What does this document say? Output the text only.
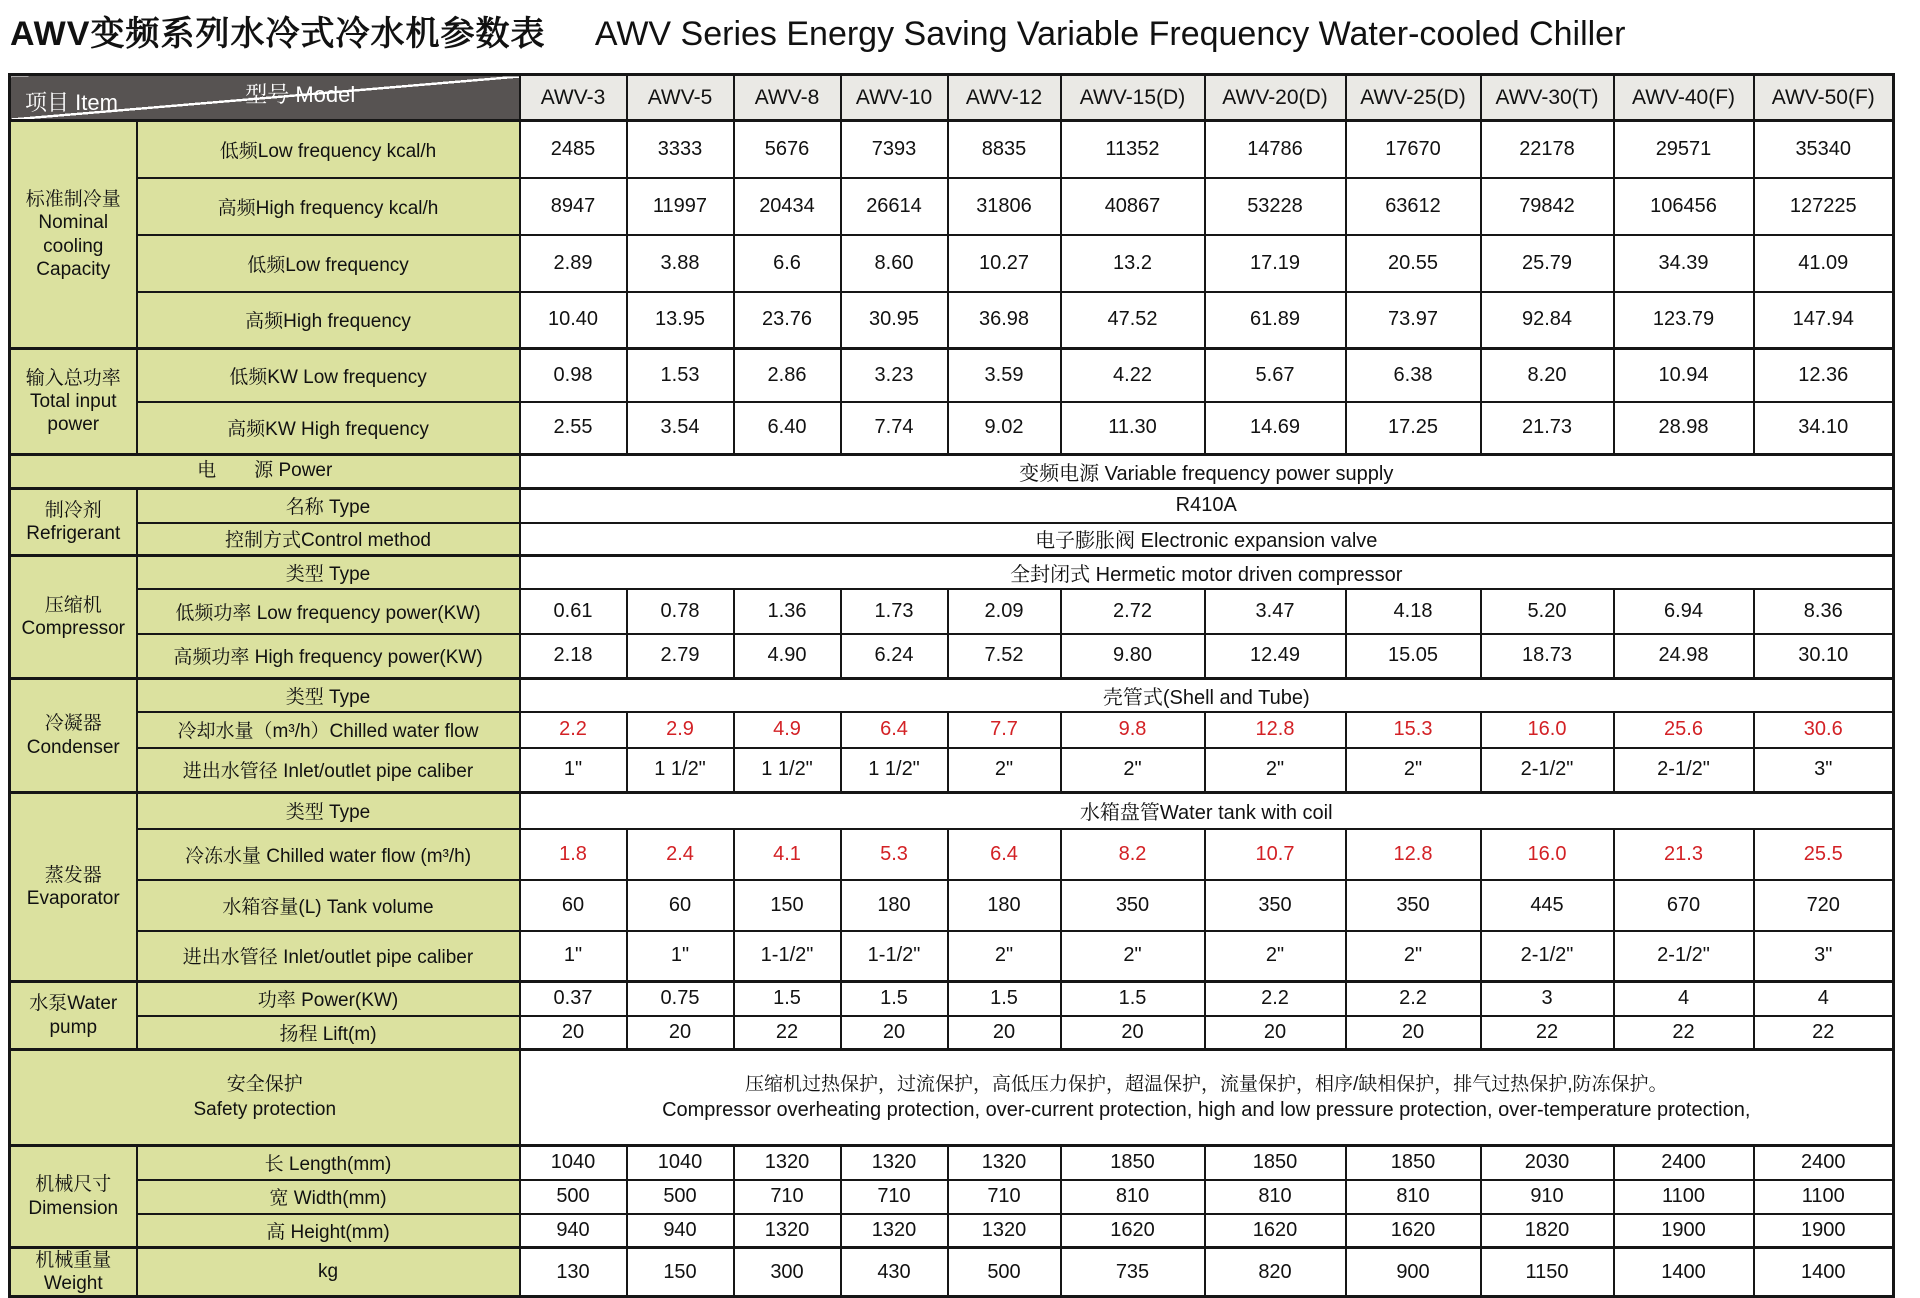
AWV变频系列水冷式冷水机参数表 AWV Series Energy Saving Variable Frequency Water-cooled Chiller
型号 Model
项目 Item		AWV-3	AWV-5	AWV-8	AWV-10	AWV-12	AWV-15(D)	AWV-20(D)	AWV-25(D)	AWV-30(T)	AWV-40(F)	AWV-50(F)

标准制冷量
Nominal cooling Capacity	低频Low frequency kcal/h	2485	3333	5676	7393	8835	11352	14786	17670	22178	29571	35340
	高频High frequency kcal/h	8947	11997	20434	26614	31806	40867	53228	63612	79842	106456	127225
	低频Low frequency	2.89	3.88	6.6	8.60	10.27	13.2	17.19	20.55	25.79	34.39	41.09
	高频High frequency	10.40	13.95	23.76	30.95	36.98	47.52	61.89	73.97	92.84	123.79	147.94

输入总功率
Total input power	低频KW Low frequency	0.98	1.53	2.86	3.23	3.59	4.22	5.67	6.38	8.20	10.94	12.36
	高频KW High frequency	2.55	3.54	6.40	7.74	9.02	11.30	14.69	17.25	21.73	28.98	34.10

电　　源 Power		变频电源 Variable frequency power supply										

制冷剂
Refrigerant	名称 Type	R410A										
	控制方式Control method	电子膨胀阀 Electronic expansion valve										

压缩机
Compressor	类型 Type	全封闭式 Hermetic motor driven compressor										
	低频功率 Low frequency power(KW)	0.61	0.78	1.36	1.73	2.09	2.72	3.47	4.18	5.20	6.94	8.36
	高频功率 High frequency power(KW)	2.18	2.79	4.90	6.24	7.52	9.80	12.49	15.05	18.73	24.98	30.10

冷凝器
Condenser	类型 Type	壳管式(Shell and Tube)										
	冷却水量（m³/h）Chilled water flow	2.2	2.9	4.9	6.4	7.7	9.8	12.8	15.3	16.0	25.6	30.6
	进出水管径 Inlet/outlet pipe caliber	1"	1 1/2"	1 1/2"	1 1/2"	2"	2"	2"	2"	2-1/2"	2-1/2"	3"

蒸发器
Evaporator	类型 Type	水箱盘管Water tank with coil										
	冷冻水量 Chilled water flow (m³/h)	1.8	2.4	4.1	5.3	6.4	8.2	10.7	12.8	16.0	21.3	25.5
	水箱容量(L) Tank volume	60	60	150	180	180	350	350	350	445	670	720
	进出水管径 Inlet/outlet pipe caliber	1"	1"	1-1/2"	1-1/2"	2"	2"	2"	2"	2-1/2"	2-1/2"	3"

水泵Water
pump	功率 Power(KW)	0.37	0.75	1.5	1.5	1.5	1.5	2.2	2.2	3	4	4
	扬程 Lift(m)	20	20	22	20	20	20	20	20	22	22	22

安全保护
Safety protection

压缩机过热保护，过流保护，高低压力保护，超温保护，流量保护，相序/缺相保护，排气过热保护,防冻保护。
Compressor overheating protection, over-current protection, high and low pressure protection, over-temperature protection,

机械尺寸
Dimension	长 Length(mm)	1040	1040	1320	1320	1320	1850	1850	1850	2030	2400	2400
	宽 Width(mm)	500	500	710	710	710	810	810	810	910	1100	1100
	高 Height(mm)	940	940	1320	1320	1320	1620	1620	1620	1820	1900	1900

机械重量Weight	kg	130	150	300	430	500	735	820	900	1150	1400	1400
